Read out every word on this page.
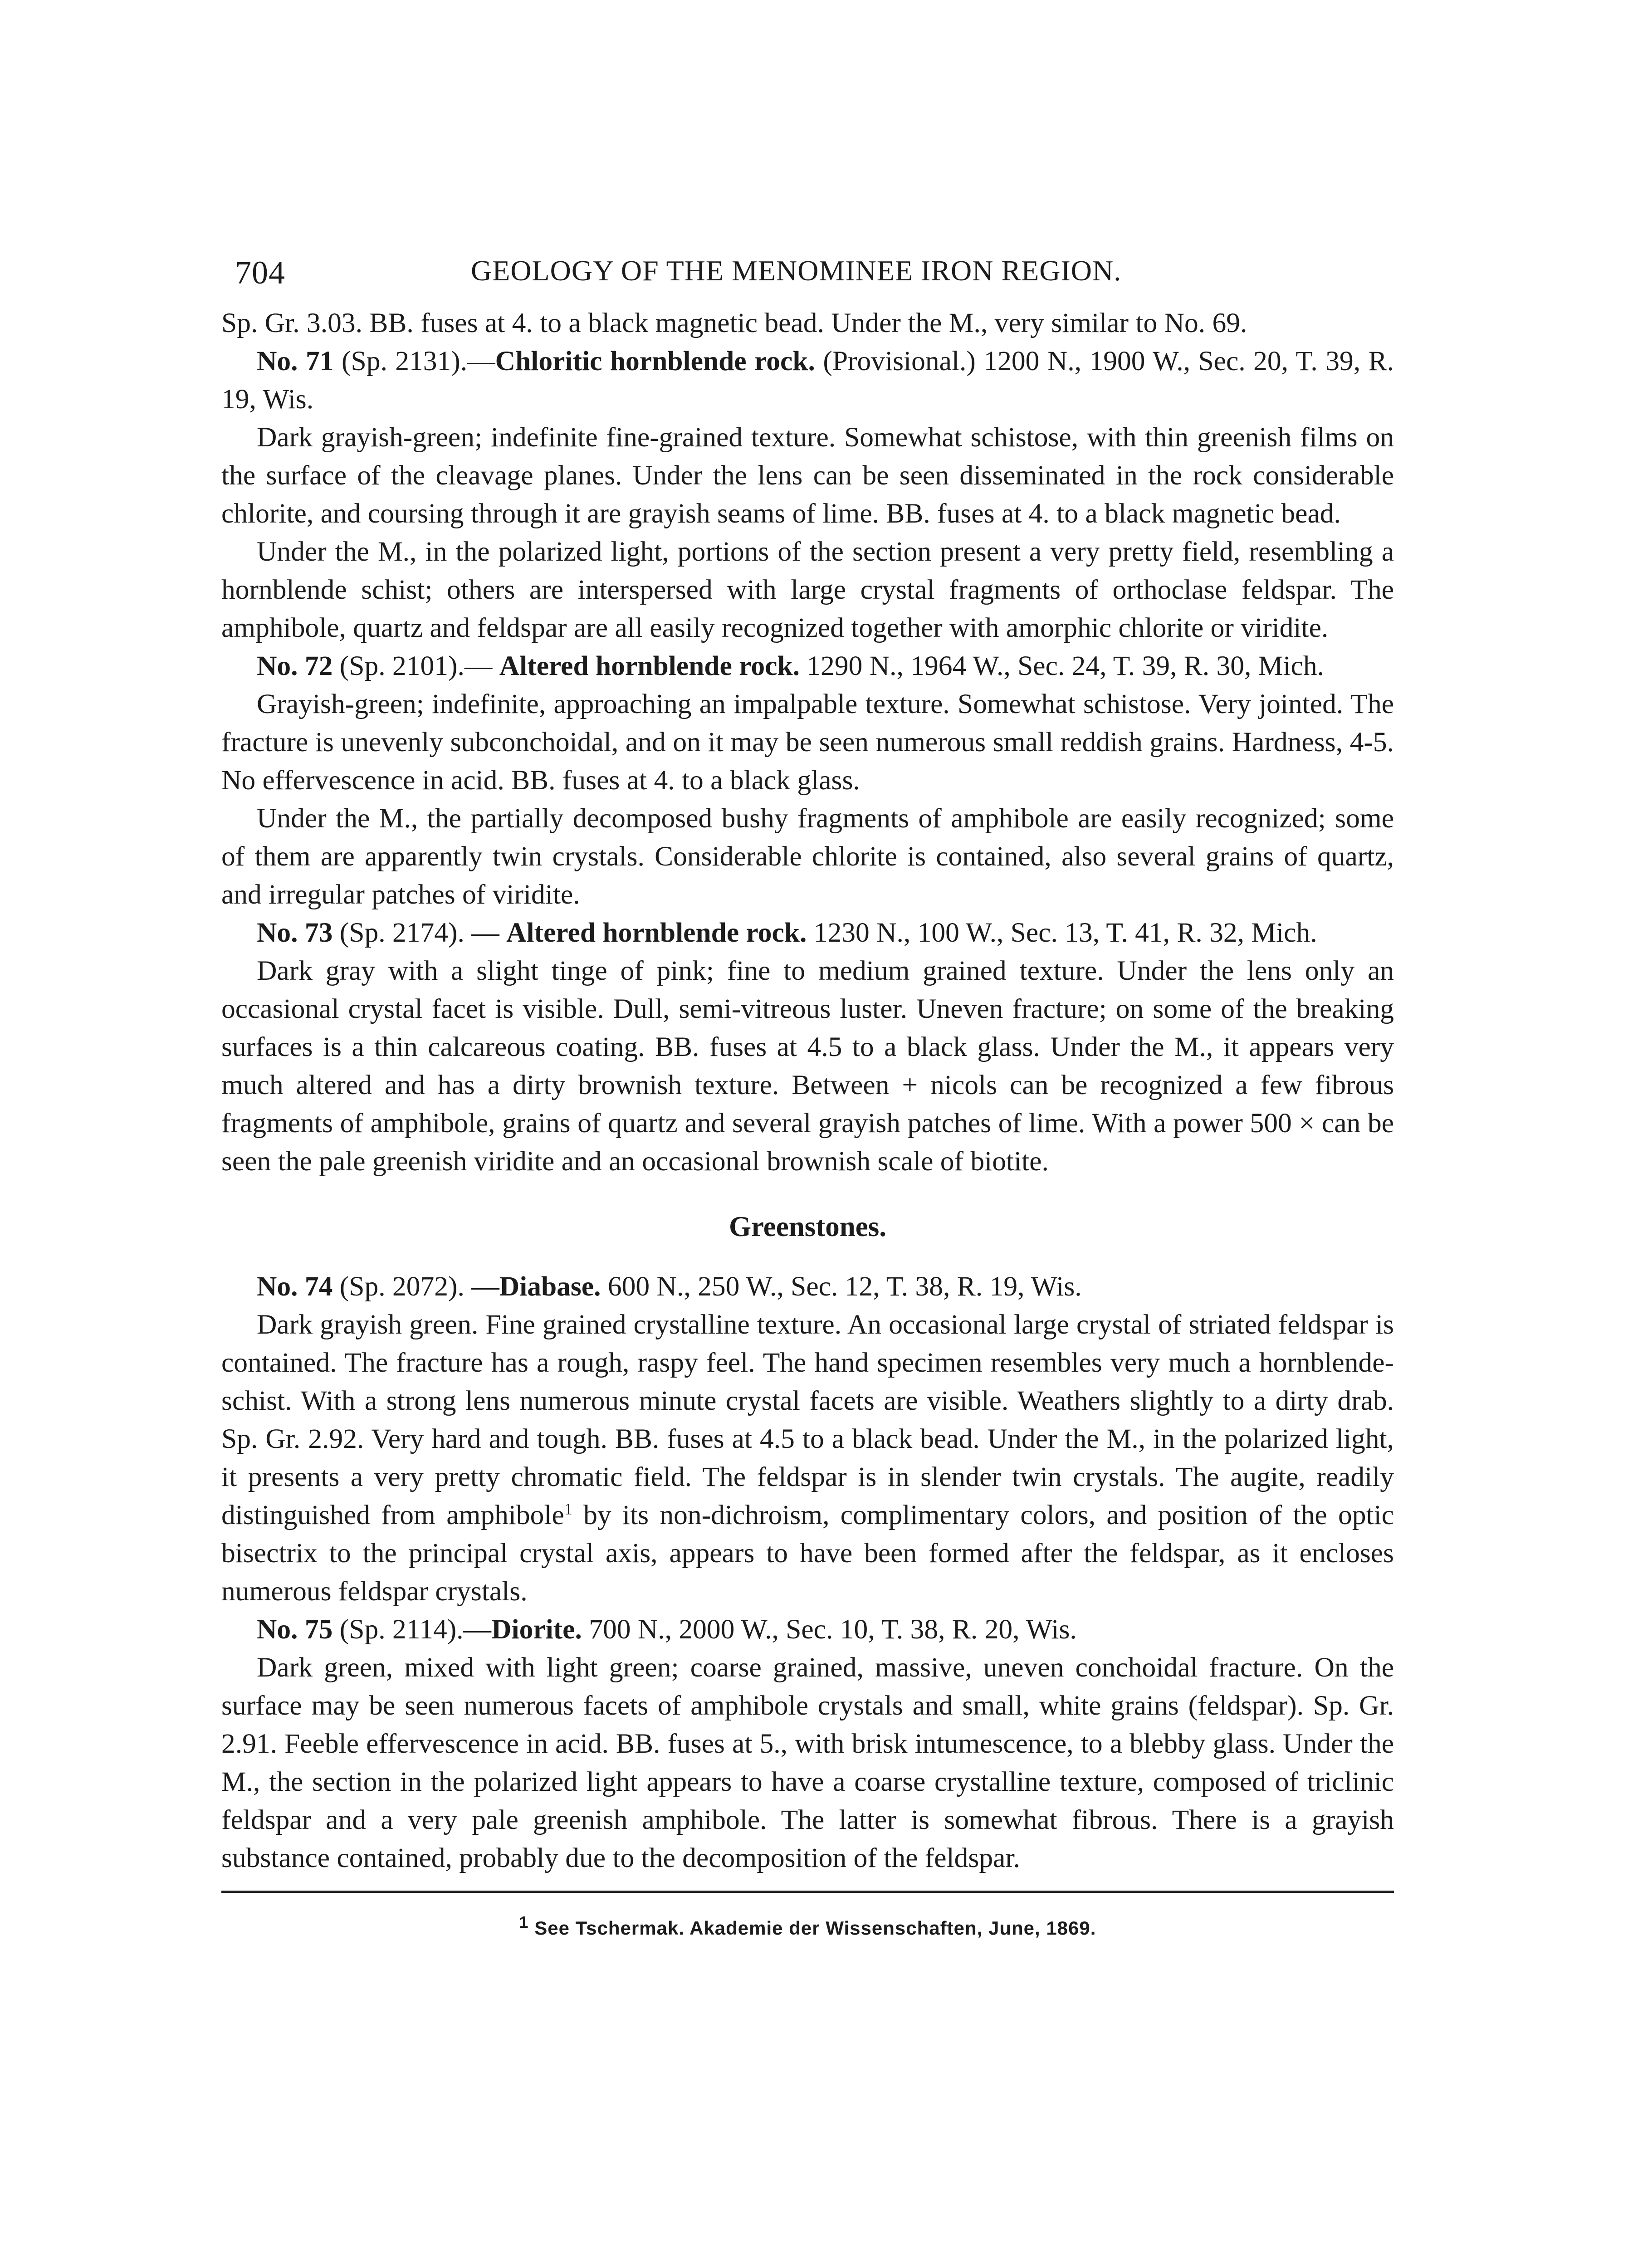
704	GEOLOGY OF THE MENOMINEE IRON REGION.

Sp. Gr. 3.03. BB. fuses at 4. to a black magnetic bead. Under the M., very similar to No. 69.

No. 71 (Sp. 2131).—Chloritic hornblende rock. (Provisional.) 1200 N., 1900 W., Sec. 20, T. 39, R. 19, Wis.

Dark grayish-green; indefinite fine-grained texture. Somewhat schistose, with thin greenish films on the surface of the cleavage planes. Under the lens can be seen disseminated in the rock considerable chlorite, and coursing through it are grayish seams of lime. BB. fuses at 4. to a black magnetic bead.

Under the M., in the polarized light, portions of the section present a very pretty field, resembling a hornblende schist; others are interspersed with large crystal fragments of orthoclase feldspar. The amphibole, quartz and feldspar are all easily recognized together with amorphic chlorite or viridite.

No. 72 (Sp. 2101).— Altered hornblende rock. 1290 N., 1964 W., Sec. 24, T. 39, R. 30, Mich.

Grayish-green; indefinite, approaching an impalpable texture. Somewhat schistose. Very jointed. The fracture is unevenly subconchoidal, and on it may be seen numerous small reddish grains. Hardness, 4-5. No effervescence in acid. BB. fuses at 4. to a black glass.

Under the M., the partially decomposed bushy fragments of amphibole are easily recognized; some of them are apparently twin crystals. Considerable chlorite is contained, also several grains of quartz, and irregular patches of viridite.

No. 73 (Sp. 2174). — Altered hornblende rock. 1230 N., 100 W., Sec. 13, T. 41, R. 32, Mich.

Dark gray with a slight tinge of pink; fine to medium grained texture. Under the lens only an occasional crystal facet is visible. Dull, semi-vitreous luster. Uneven fracture; on some of the breaking surfaces is a thin calcareous coating. BB. fuses at 4.5 to a black glass. Under the M., it appears very much altered and has a dirty brownish texture. Between + nicols can be recognized a few fibrous fragments of amphibole, grains of quartz and several grayish patches of lime. With a power 500 × can be seen the pale greenish viridite and an occasional brownish scale of biotite.

Greenstones.

No. 74 (Sp. 2072). —Diabase. 600 N., 250 W., Sec. 12, T. 38, R. 19, Wis.

Dark grayish green. Fine grained crystalline texture. An occasional large crystal of striated feldspar is contained. The fracture has a rough, raspy feel. The hand specimen resembles very much a hornblende-schist. With a strong lens numerous minute crystal facets are visible. Weathers slightly to a dirty drab. Sp. Gr. 2.92. Very hard and tough. BB. fuses at 4.5 to a black bead. Under the M., in the polarized light, it presents a very pretty chromatic field. The feldspar is in slender twin crystals. The augite, readily distinguished from amphibole$^1$ by its non-dichroism, complimentary colors, and position of the optic bisectrix to the principal crystal axis, appears to have been formed after the feldspar, as it encloses numerous feldspar crystals.

No. 75 (Sp. 2114).—Diorite. 700 N., 2000 W., Sec. 10, T. 38, R. 20, Wis.

Dark green, mixed with light green; coarse grained, massive, uneven conchoidal fracture. On the surface may be seen numerous facets of amphibole crystals and small, white grains (feldspar). Sp. Gr. 2.91. Feeble effervescence in acid. BB. fuses at 5., with brisk intumescence, to a blebby glass. Under the M., the section in the polarized light appears to have a coarse crystalline texture, composed of triclinic feldspar and a very pale greenish amphibole. The latter is somewhat fibrous. There is a grayish substance contained, probably due to the decomposition of the feldspar.

$^1$ See Tschermak. Akademie der Wissenschaften, June, 1869.
